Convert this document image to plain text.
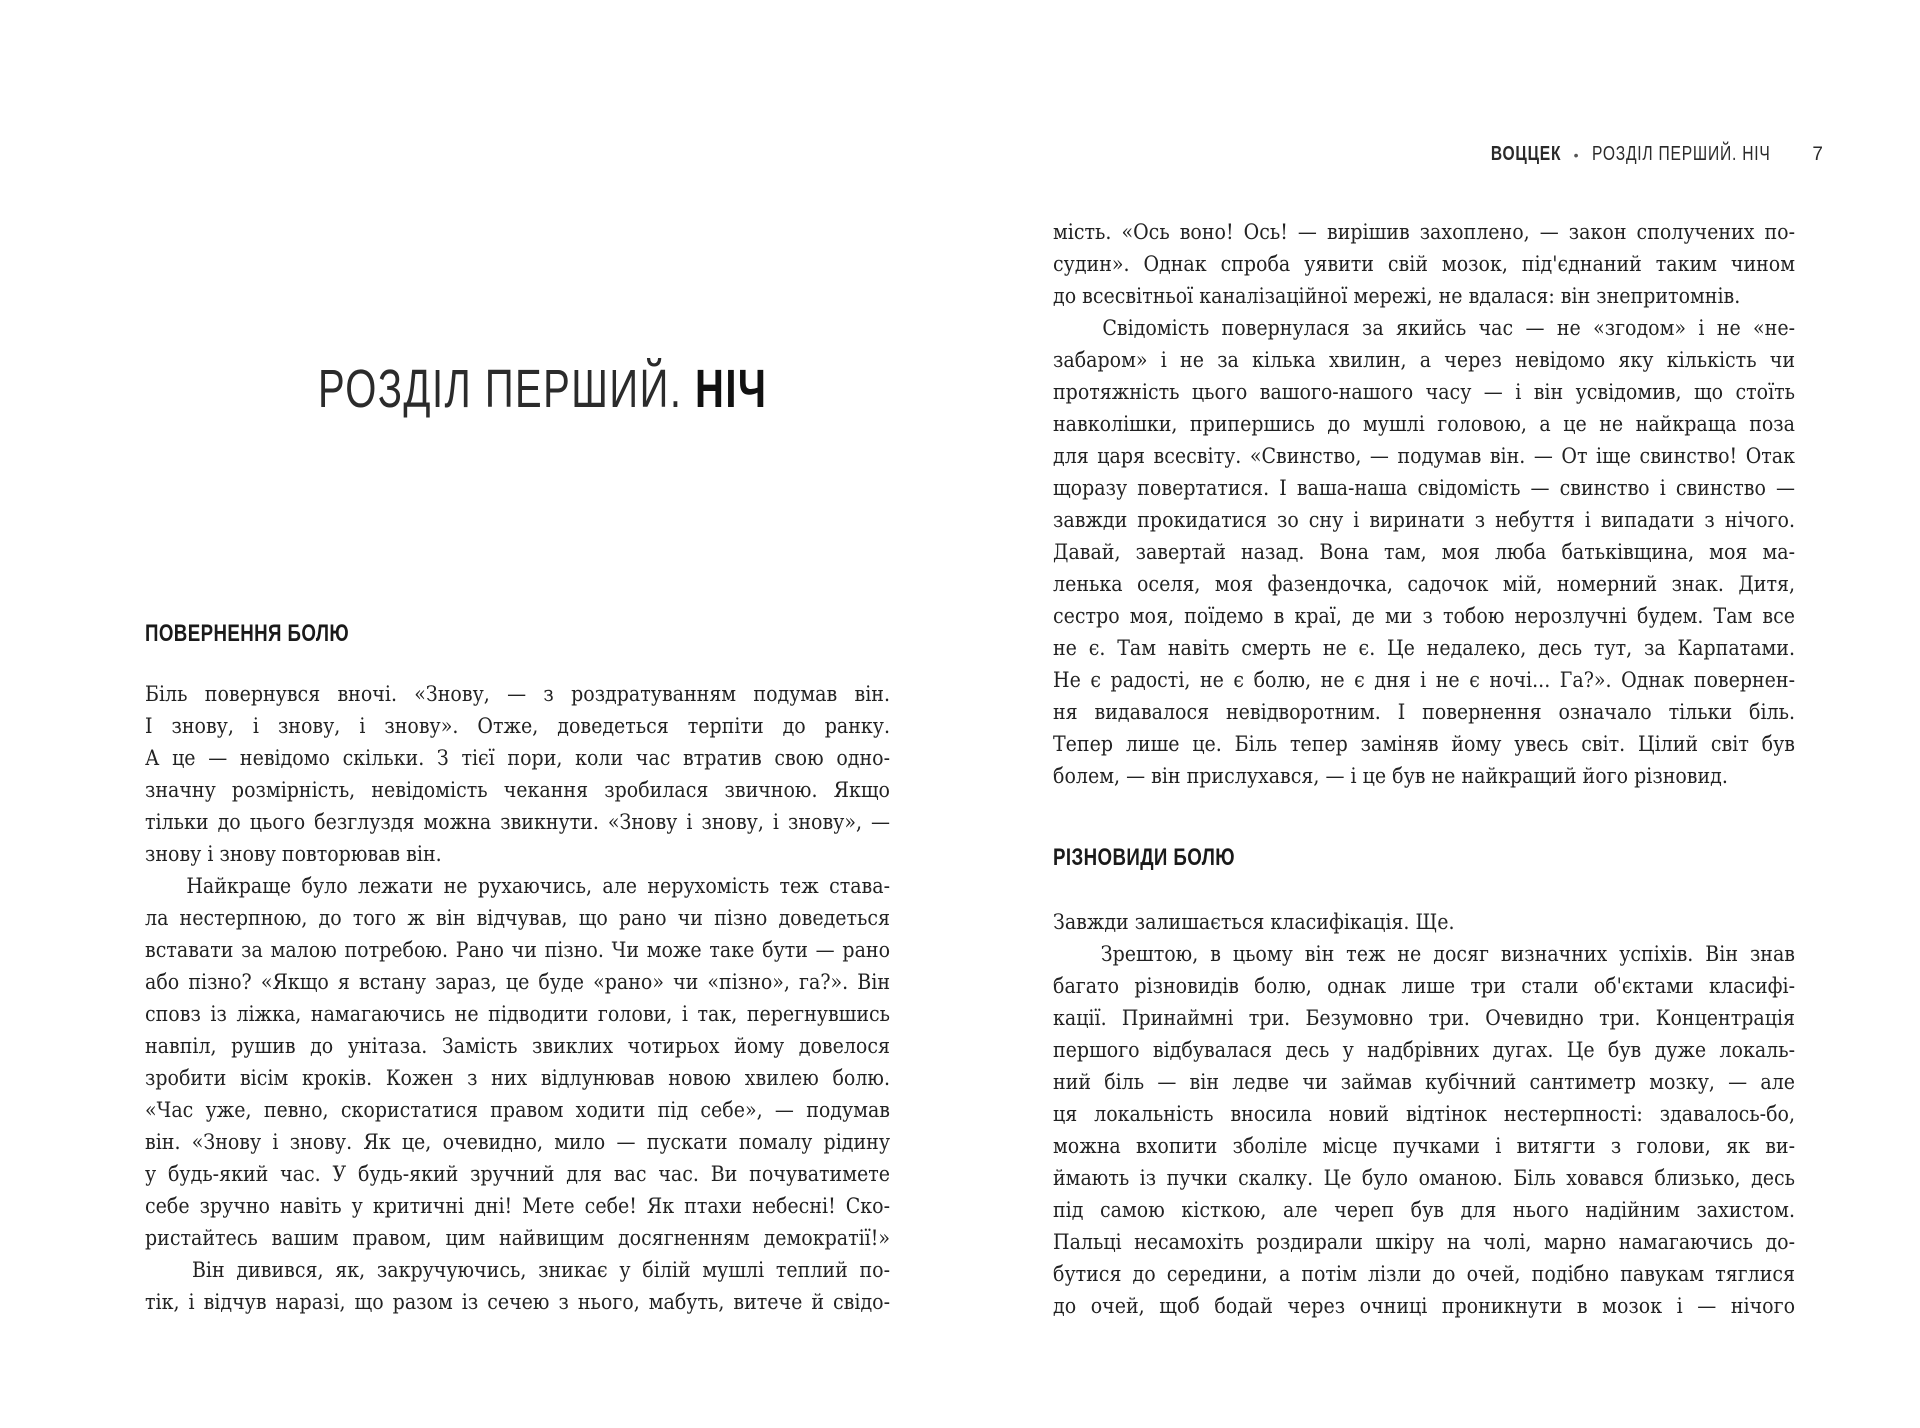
РОЗДІЛ ПЕРШИЙ. НІЧ
ПОВЕРНЕННЯ БОЛЮ

Біль повернувся вночі. «Знову, — з роздратуванням подумав він.

І знову, і знову, і знову». Отже, доведеться терпіти до ранку.

А це — невідомо скільки. З тієї пори, коли час втратив свою одно-

значну розмірність, невідомість чекання зробилася звичною. Якщо

тільки до цього безглуздя можна звикнути. «Знову і знову, і знову», —

знову і знову повторював він.

Найкраще було лежати не рухаючись, але нерухомість теж става-

ла нестерпною, до того ж він відчував, що рано чи пізно доведеться

вставати за малою потребою. Рано чи пізно. Чи може таке бути — рано

або пізно? «Якщо я встану зараз, це буде «рано» чи «пізно», га?». Він

сповз із ліжка, намагаючись не підводити голови, і так, перегнувшись

навпіл, рушив до унітаза. Замість звиклих чотирьох йому довелося

зробити вісім кроків. Кожен з них відлунював новою хвилею болю.

«Час уже, певно, скористатися правом ходити під себе», — подумав

він. «Знову і знову. Як це, очевидно, мило — пускати помалу рідину

у будь-який час. У будь-який зручний для вас час. Ви почуватимете

себе зручно навіть у критичні дні! Мете себе! Як птахи небесні! Ско-

ристайтесь вашим правом, цим найвищим досягненням демократії!»

Він дивився, як, закручуючись, зникає у білій мушлі теплий по-

тік, і відчув наразі, що разом із сечею з нього, мабуть, витече й свідо-

ВОЦЦЕК • РОЗДІЛ ПЕРШИЙ. НІЧ 7

мість. «Ось воно! Ось! — вирішив захоплено, — закон сполучених по-

судин». Однак спроба уявити свій мозок, під'єднаний таким чином

до всесвітньої каналізаційної мережі, не вдалася: він знепритомнів.

Свідомість повернулася за якийсь час — не «згодом» і не «не-

забаром» і не за кілька хвилин, а через невідомо яку кількість чи

протяжність цього вашого-нашого часу — і він усвідомив, що стоїть

навколішки, припершись до мушлі головою, а це не найкраща поза

для царя всесвіту. «Свинство, — подумав він. — От іще свинство! Отак

щоразу повертатися. І ваша-наша свідомість — свинство і свинство —

завжди прокидатися зо сну і виринати з небуття і випадати з нічого.

Давай, завертай назад. Вона там, моя люба батьківщина, моя ма-

ленька оселя, моя фазендочка, садочок мій, номерний знак. Дитя,

сестро моя, поїдемо в краї, де ми з тобою нерозлучні будем. Там все

не є. Там навіть смерть не є. Це недалеко, десь тут, за Карпатами.

Не є радості, не є болю, не є дня і не є ночі... Га?». Однак повернен-

ня видавалося невідворотним. І повернення означало тільки біль.

Тепер лише це. Біль тепер заміняв йому увесь світ. Цілий світ був

болем, — він прислухався, — і це був не найкращий його різновид.

РІЗНОВИДИ БОЛЮ

Завжди залишається класифікація. Ще.

Зрештою, в цьому він теж не досяг визначних успіхів. Він знав

багато різновидів болю, однак лише три стали об'єктами класифі-

кації. Принаймні три. Безумовно три. Очевидно три. Концентрація

першого відбувалася десь у надбрівних дугах. Це був дуже локаль-

ний біль — він ледве чи займав кубічний сантиметр мозку, — але

ця локальність вносила новий відтінок нестерпності: здавалось-бо,

можна вхопити зболіле місце пучками і витягти з голови, як ви-

ймають із пучки скалку. Це було оманою. Біль ховався близько, десь

під самою кісткою, але череп був для нього надійним захистом.

Пальці несамохіть роздирали шкіру на чолі, марно намагаючись до-

бутися до середини, а потім лізли до очей, подібно павукам тяглися

до очей, щоб бодай через очниці проникнути в мозок і — нічого
